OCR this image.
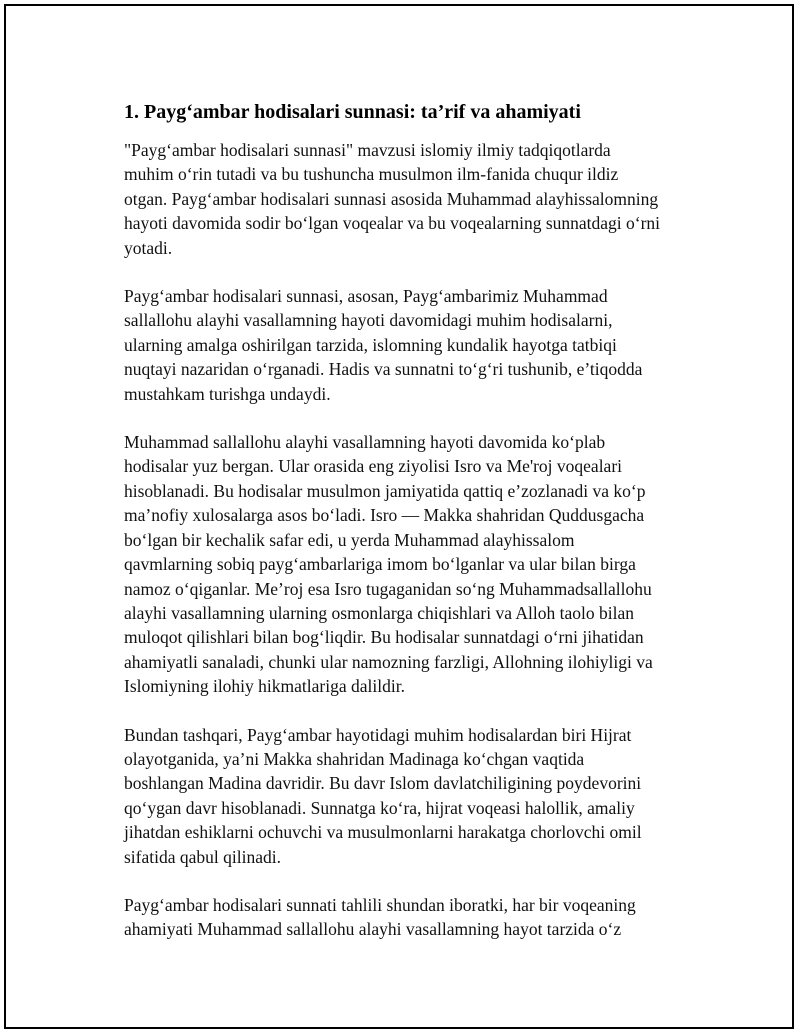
1. Payg‘ambar hodisalari sunnasi: ta’rif va ahamiyati

"Payg‘ambar hodisalari sunnasi" mavzusi islomiy ilmiy tadqiqotlarda
muhim o‘rin tutadi va bu tushuncha musulmon ilm-fanida chuqur ildiz
otgan. Payg‘ambar hodisalari sunnasi asosida Muhammad alayhissalomning
hayoti davomida sodir bo‘lgan voqealar va bu voqealarning sunnatdagi o‘rni
yotadi.

Payg‘ambar hodisalari sunnasi, asosan, Payg‘ambarimiz Muhammad
sallallohu alayhi vasallamning hayoti davomidagi muhim hodisalarni,
ularning amalga oshirilgan tarzida, islomning kundalik hayotga tatbiqi
nuqtayi nazaridan o‘rganadi. Hadis va sunnatni to‘g‘ri tushunib, e’tiqodda
mustahkam turishga undaydi.

Muhammad sallallohu alayhi vasallamning hayoti davomida ko‘plab
hodisalar yuz bergan. Ular orasida eng ziyolisi Isro va Me'roj voqealari
hisoblanadi. Bu hodisalar musulmon jamiyatida qattiq e’zozlanadi va ko‘p
ma’nofiy xulosalarga asos bo‘ladi. Isro — Makka shahridan Quddusgacha
bo‘lgan bir kechalik safar edi, u yerda Muhammad alayhissalom
qavmlarning sobiq payg‘ambarlariga imom bo‘lganlar va ular bilan birga
namoz o‘qiganlar. Me’roj esa Isro tugaganidan so‘ng Muhammadsallallohu
alayhi vasallamning ularning osmonlarga chiqishlari va Alloh taolo bilan
muloqot qilishlari bilan bog‘liqdir. Bu hodisalar sunnatdagi o‘rni jihatidan
ahamiyatli sanaladi, chunki ular namozning farzligi, Allohning ilohiyligi va
Islomiyning ilohiy hikmatlariga dalildir.

Bundan tashqari, Payg‘ambar hayotidagi muhim hodisalardan biri Hijrat
olayotganida, ya’ni Makka shahridan Madinaga ko‘chgan vaqtida
boshlangan Madina davridir. Bu davr Islom davlatchiligining poydevorini
qo‘ygan davr hisoblanadi. Sunnatga ko‘ra, hijrat voqeasi halollik, amaliy
jihatdan eshiklarni ochuvchi va musulmonlarni harakatga chorlovchi omil
sifatida qabul qilinadi.

Payg‘ambar hodisalari sunnati tahlili shundan iboratki, har bir voqeaning
ahamiyati Muhammad sallallohu alayhi vasallamning hayot tarzida o‘z
